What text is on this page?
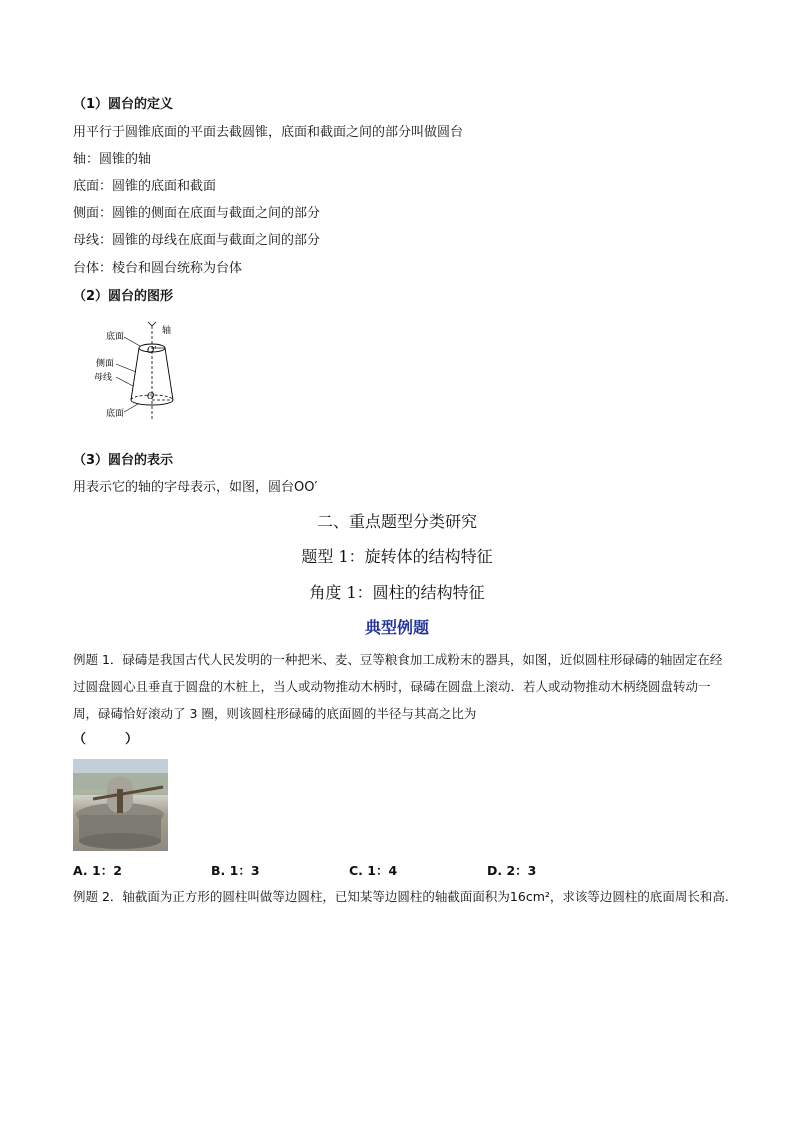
（1）圆台的定义
用平行于圆锥底面的平面去截圆锥，底面和截面之间的部分叫做圆台
轴：圆锥的轴
底面：圆锥的底面和截面
侧面：圆锥的侧面在底面与截面之间的部分
母线：圆锥的母线在底面与截面之间的部分
台体：棱台和圆台统称为台体
（2）圆台的图形
轴
底面
O'
侧面
母线
O
底面
（3）圆台的表示
用表示它的轴的字母表示，如图，圆台OO′
二、重点题型分类研究
题型 1：旋转体的结构特征
角度 1：圆柱的结构特征
典型例题
例题 1．碌碡是我国古代人民发明的一种把米、麦、豆等粮食加工成粉末的器具，如图，近似圆柱形碌碡的轴固定在经过圆盘圆心且垂直于圆盘的木桩上，当人或动物推动木柄时，碌碡在圆盘上滚动．若人或动物推动木柄绕圆盘转动一周，碌碡恰好滚动了 3 圈，则该圆柱形碌碡的底面圆的半径与其高之比为
（　　　）
A. 1：2	B. 1：3	C. 1：4	D. 2：3
例题 2．轴截面为正方形的圆柱叫做等边圆柱，已知某等边圆柱的轴截面面积为16cm²，求该等边圆柱的底面周长和高.
